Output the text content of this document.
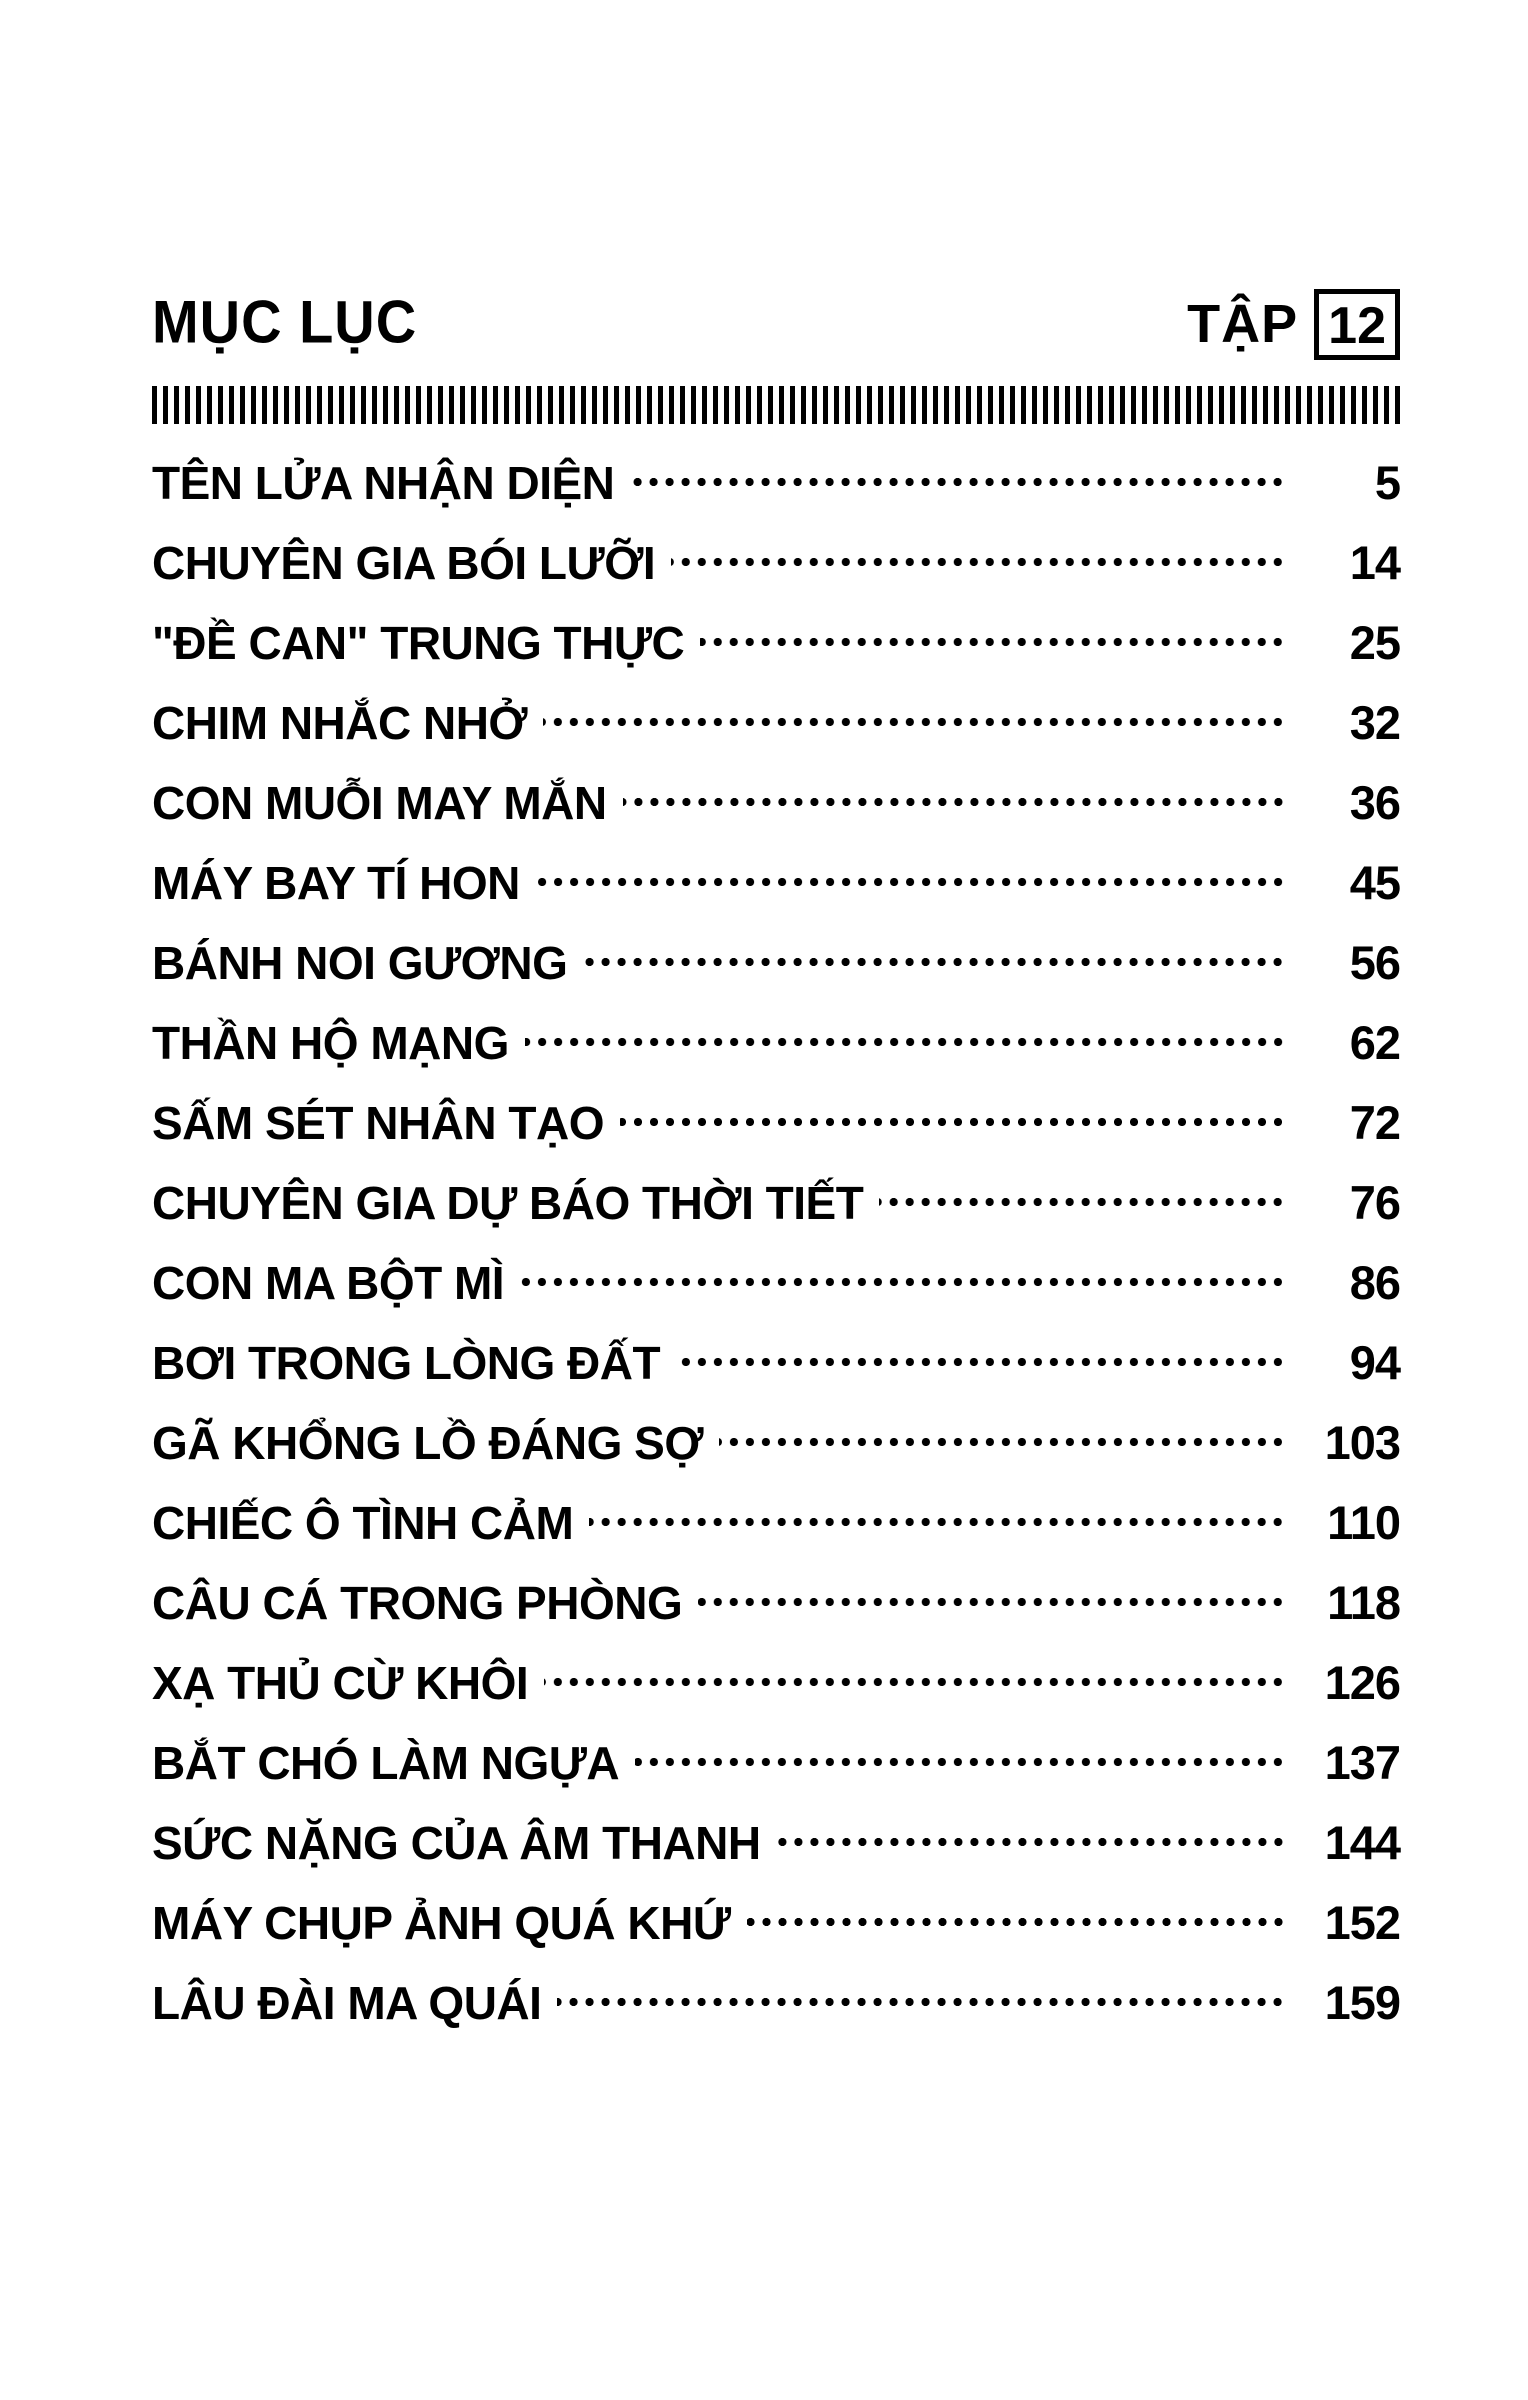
MỤC LỤC	TẬP 12
TÊN LỬA NHẬN DIỆN	5
CHUYÊN GIA BÓI LƯỠI	14
"ĐỀ CAN" TRUNG THỰC	25
CHIM NHẮC NHỞ	32
CON MUỖI MAY MẮN	36
MÁY BAY TÍ HON	45
BÁNH NOI GƯƠNG	56
THẦN HỘ MẠNG	62
SẤM SÉT NHÂN TẠO	72
CHUYÊN GIA DỰ BÁO THỜI TIẾT	76
CON MA BỘT MÌ	86
BƠI TRONG LÒNG ĐẤT	94
GÃ KHỔNG LỒ ĐÁNG SỢ	103
CHIẾC Ô TÌNH CẢM	110
CÂU CÁ TRONG PHÒNG	118
XẠ THỦ CỪ KHÔI	126
BẮT CHÓ LÀM NGỰA	137
SỨC NẶNG CỦA ÂM THANH	144
MÁY CHỤP ẢNH QUÁ KHỨ	152
LÂU ĐÀI MA QUÁI	159
